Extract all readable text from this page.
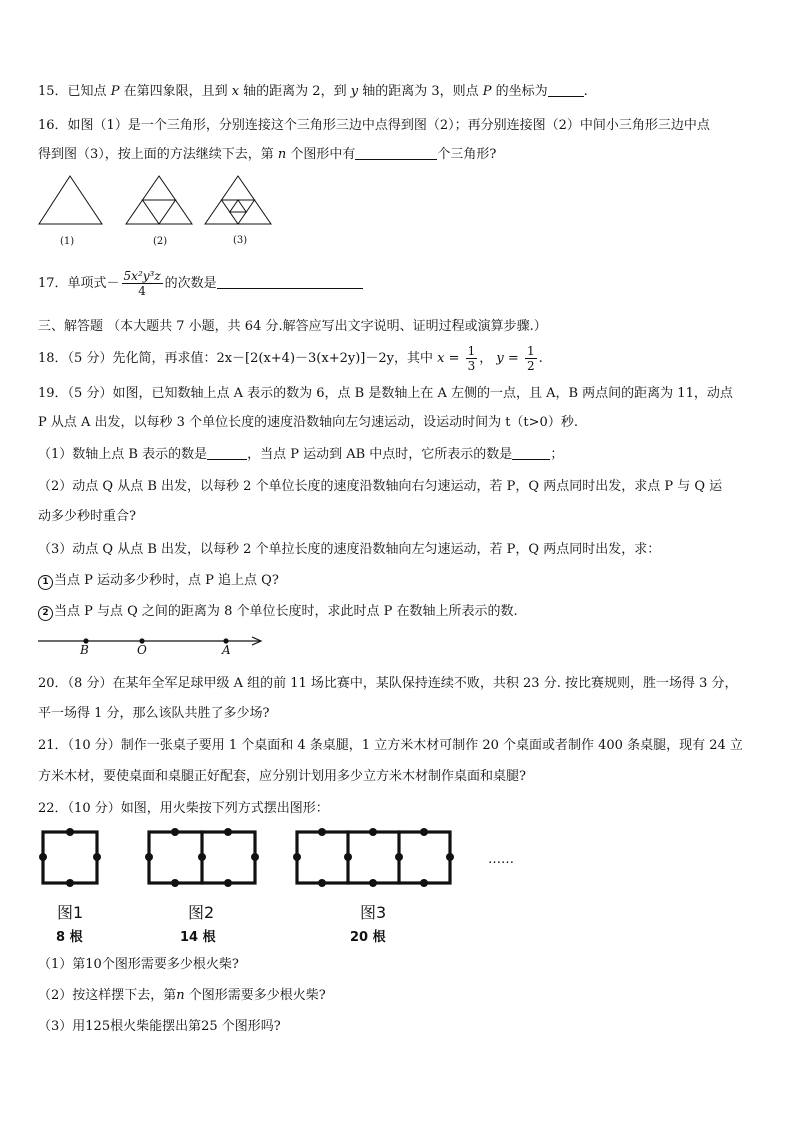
15．已知点 P 在第四象限，且到 x 轴的距离为 2，到 y 轴的距离为 3，则点 P 的坐标为	.
16．如图（1）是一个三角形，分别连接这个三角形三边中点得到图（2）；再分别连接图（2）中间小三角形三边中点
得到图（3），按上面的方法继续下去，第 n 个图形中有	个三角形?
(1)	(2)	(3)
17．单项式－ $\frac{\text{5x²y³z}}{4}$ 的次数是
三、解答题 （本大题共 7 小题，共 64 分.解答应写出文字说明、证明过程或演算步骤.）
18．（5 分）先化简，再求值：2x－[2(x+4)－3(x+2y)]－2y，其中 $x = \frac{1}{3}$ ， $y = \frac{1}{2}$ .
19．（5 分）如图，已知数轴上点 A 表示的数为 6，点 B 是数轴上在 A 左侧的一点，且 A，B 两点间的距离为 11，动点
P 从点 A 出发，以每秒 3 个单位长度的速度沿数轴向左匀速运动，设运动时间为 t（t>0）秒.
（1）数轴上点 B 表示的数是	，当点 P 运动到 AB 中点时，它所表示的数是	；
（2）动点 Q 从点 B 出发，以每秒 2 个单位长度的速度沿数轴向右匀速运动，若 P，Q 两点同时出发，求点 P 与 Q 运
动多少秒时重合?
（3）动点 Q 从点 B 出发，以每秒 2 个单拉长度的速度沿数轴向左匀速运动，若 P，Q 两点同时出发，求：
1 当点 P 运动多少秒时，点 P 追上点 Q?
2 当点 P 与点 Q 之间的距离为 8 个单位长度时，求此时点 P 在数轴上所表示的数.
B	O	A
20．（8 分）在某年全军足球甲级 A 组的前 11 场比赛中，某队保持连续不败，共积 23 分. 按比赛规则，胜一场得 3 分，
平一场得 1 分，那么该队共胜了多少场?
21．（10 分）制作一张桌子要用 1 个桌面和 4 条桌腿，1 立方米木材可制作 20 个桌面或者制作 400 条桌腿，现有 24 立
方米木材，要使桌面和桌腿正好配套，应分别计划用多少立方米木材制作桌面和桌腿?
22．（10 分）如图，用火柴按下列方式摆出图形：
……
图1	图2	图3
8 根	14 根	20 根
（1）第10个图形需要多少根火柴?
（2）按这样摆下去，第n 个图形需要多少根火柴?
（3）用125根火柴能摆出第25 个图形吗?
